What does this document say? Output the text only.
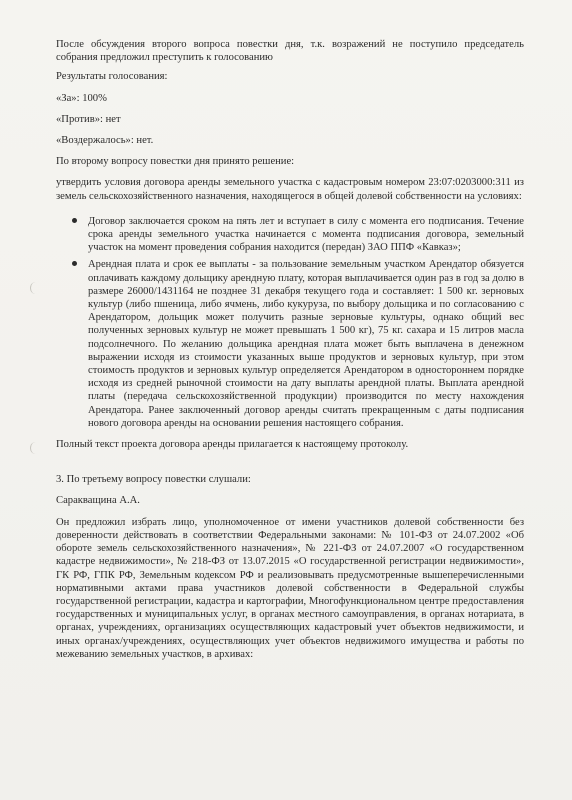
После обсуждения второго вопроса повестки дня, т.к. возражений не поступило председатель собрания предложил преступить к голосованию

Результаты голосования:

«За»: 100%

«Против»: нет

«Воздержалось»: нет.

По второму вопросу повестки дня принято решение:

утвердить условия договора аренды земельного участка с кадастровым номером 23:07:0203000:311 из земель сельскохозяйственного назначения, находящегося в общей долевой собственности на условиях:

Договор заключается сроком на пять лет и вступает в силу с момента его подписания. Течение срока аренды земельного участка начинается с момента подписания договора, земельный участок на момент проведения собрания находится (передан) ЗАО ППФ «Кавказ»;
Арендная плата и срок ее выплаты - за пользование земельным участком Арендатор обязуется оплачивать каждому дольщику арендную плату, которая выплачивается один раз в год за долю в размере 26000/1431164 не позднее 31 декабря текущего года и составляет: 1 500 кг. зерновых культур (либо пшеница, либо ячмень, либо кукуруза, по выбору дольщика и по согласованию с Арендатором, дольщик может получить разные зерновые культуры, однако общий вес полученных зерновых культур не может превышать 1 500 кг), 75 кг. сахара и 15 литров масла подсолнечного. По желанию дольщика арендная плата может быть выплачена в денежном выражении исходя из стоимости указанных выше продуктов и зерновых культур, при этом стоимость продуктов и зерновых культур определяется Арендатором в одностороннем порядке исходя из средней рыночной стоимости на дату выплаты арендной платы. Выплата арендной платы (передача сельскохозяйственной продукции) производится по месту нахождения Арендатора. Ранее заключенный договор аренды считать прекращенным с даты подписания нового договора аренды на основании решения настоящего собрания.

Полный текст проекта договора аренды прилагается к настоящему протоколу.

3. По третьему вопросу повестки слушали:

Саракващина А.А.

Он предложил избрать лицо, уполномоченное от имени участников долевой собственности без доверенности действовать в соответствии Федеральными законами: № 101-ФЗ от 24.07.2002 «Об обороте земель сельскохозяйственного назначения», № 221-ФЗ от 24.07.2007 «О государственном кадастре недвижимости», № 218-ФЗ от 13.07.2015 «О государственной регистрации недвижимости», ГК РФ, ГПК РФ, Земельным кодексом РФ и реализовывать предусмотренные вышеперечисленными нормативными актами права участников долевой собственности в Федеральной службы государственной регистрации, кадастра и картографии, Многофункциональном центре предоставления государственных и муниципальных услуг, в органах местного самоуправления, в органах нотариата, в органах, учреждениях, организациях осуществляющих кадастровый учет объектов недвижимости, и иных органах/учреждениях, осуществляющих учет объектов недвижимого имущества и работы по межеванию земельных участков, в архивах:
